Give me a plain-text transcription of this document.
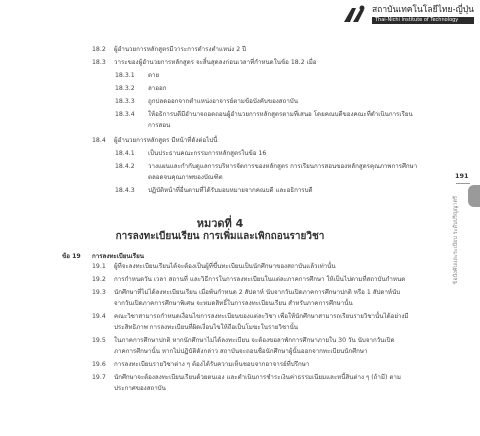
สถาบันเทคโนโลยีไทย-ญี่ปุ่น
Thai-Nichi Institute of Technology
18.2 ผู้อำนวยการหลักสูตรมีวาระการดำรงตำแหน่ง 2 ปี
18.3 วาระของผู้อำนวยการหลักสูตร จะสิ้นสุดลงก่อนเวลาที่กำหนดในข้อ 18.2 เมื่อ
18.3.1 ตาย
18.3.2 ลาออก
18.3.3 ถูกปลดออกจากตำแหน่งอาจารย์ตามข้อบังคับของสถาบัน
18.3.4 ให้อธิการบดีมีอำนาจถอดถอนผู้อำนวยการหลักสูตรตามที่เสนอ โดยคณบดีของคณะที่ดำเนินการเรียน
การสอน
18.4 ผู้อำนวยการหลักสูตร มีหน้าที่ดังต่อไปนี้
18.4.1 เป็นประธานคณะกรรมการหลักสูตรในข้อ 16
18.4.2 วางแผนและกำกับดูแลการบริหารจัดการของหลักสูตร การเรียนการสอนของหลักสูตรคุณภาพการศึกษา
ตลอดจนคุณภาพของบัณฑิต
18.4.3 ปฏิบัติหน้าที่อื่นตามที่ได้รับมอบหมายจากคณบดี และอธิการบดี
หมวดที่ 4
การลงทะเบียนเรียน การเพิ่มและเพิกถอนรายวิชา
ข้อ 19 การลงทะเบียนเรียน
19.1 ผู้ที่จะลงทะเบียนเรียนได้จะต้องเป็นผู้ที่ขึ้นทะเบียนเป็นนักศึกษาของสถาบันแล้วเท่านั้น
19.2 การกำหนดวัน เวลา สถานที่ และวิธีการในการลงทะเบียนในแต่ละภาคการศึกษา ให้เป็นไปตามที่สถาบันกำหนด
19.3 นักศึกษาที่ไม่ได้ลงทะเบียนเรียน เมื่อพ้นกำหนด 2 สัปดาห์ นับจากวันเปิดภาคการศึกษาปกติ หรือ 1 สัปดาห์นับ
จากวันเปิดภาคการศึกษาพิเศษ จะหมดสิทธิ์ในการลงทะเบียนเรียน สำหรับภาคการศึกษานั้น
19.4 คณะวิชาสามารถกำหนดเงื่อนไขการลงทะเบียนของแต่ละวิชา เพื่อให้นักศึกษาสามารถเรียนรายวิชานั้นได้อย่างมี
ประสิทธิภาพ การลงทะเบียนที่ผิดเงื่อนไขให้ถือเป็นโมฆะในรายวิชานั้น
19.5 ในภาคการศึกษาปกติ หากนักศึกษาไม่ได้ลงทะเบียน จะต้องขอลาพักการศึกษาภายใน 30 วัน นับจากวันเปิด
ภาคการศึกษานั้น หากไม่ปฏิบัติดังกล่าว สถาบันจะถอนชื่อนักศึกษาผู้นั้นออกจากทะเบียนนักศึกษา
19.6 การลงทะเบียนรายวิชาต่าง ๆ ต้องได้รับความเห็นชอบจากอาจารย์ที่ปรึกษา
19.7 นักศึกษาจะต้องลงทะเบียนเรียนด้วยตนเอง และดำเนินการชำระเงินค่าธรรมเนียมและหนี้สินต่าง ๆ (ถ้ามี) ตาม
ประกาศของสถาบัน
191
ข้อบังคับและระเบียบ ระดับปริญญาตรี
